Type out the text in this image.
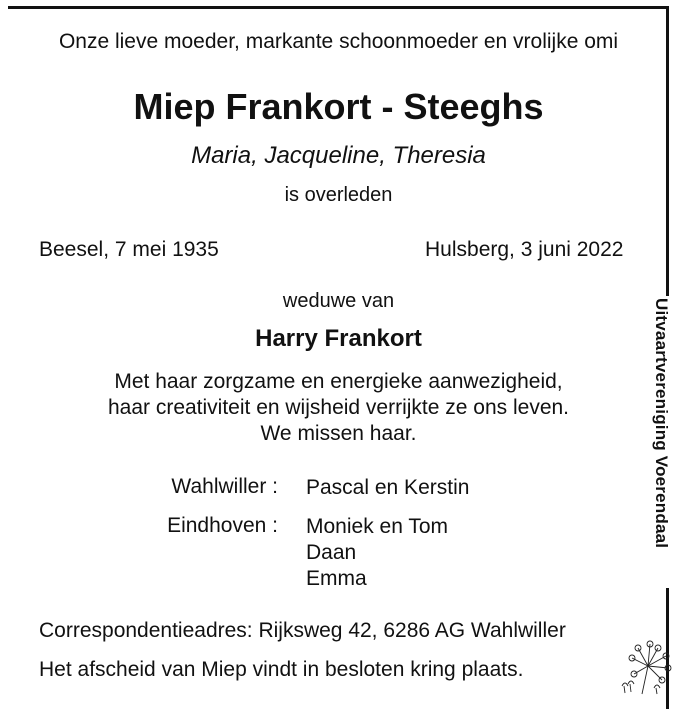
Onze lieve moeder, markante schoonmoeder en vrolijke omi
Miep Frankort - Steeghs
Maria, Jacqueline, Theresia
is overleden
Beesel, 7 mei 1935	Hulsberg, 3 juni 2022
weduwe van
Harry Frankort
Met haar zorgzame en energieke aanwezigheid,
haar creativiteit en wijsheid verrijkte ze ons leven.
We missen haar.
Wahlwiller : Pascal en Kerstin
Eindhoven : Moniek en Tom
Daan
Emma
Correspondentieadres: Rijksweg 42, 6286 AG Wahlwiller
Het afscheid van Miep vindt in besloten kring plaats.
Uitvaartvereniging Voerendaal
